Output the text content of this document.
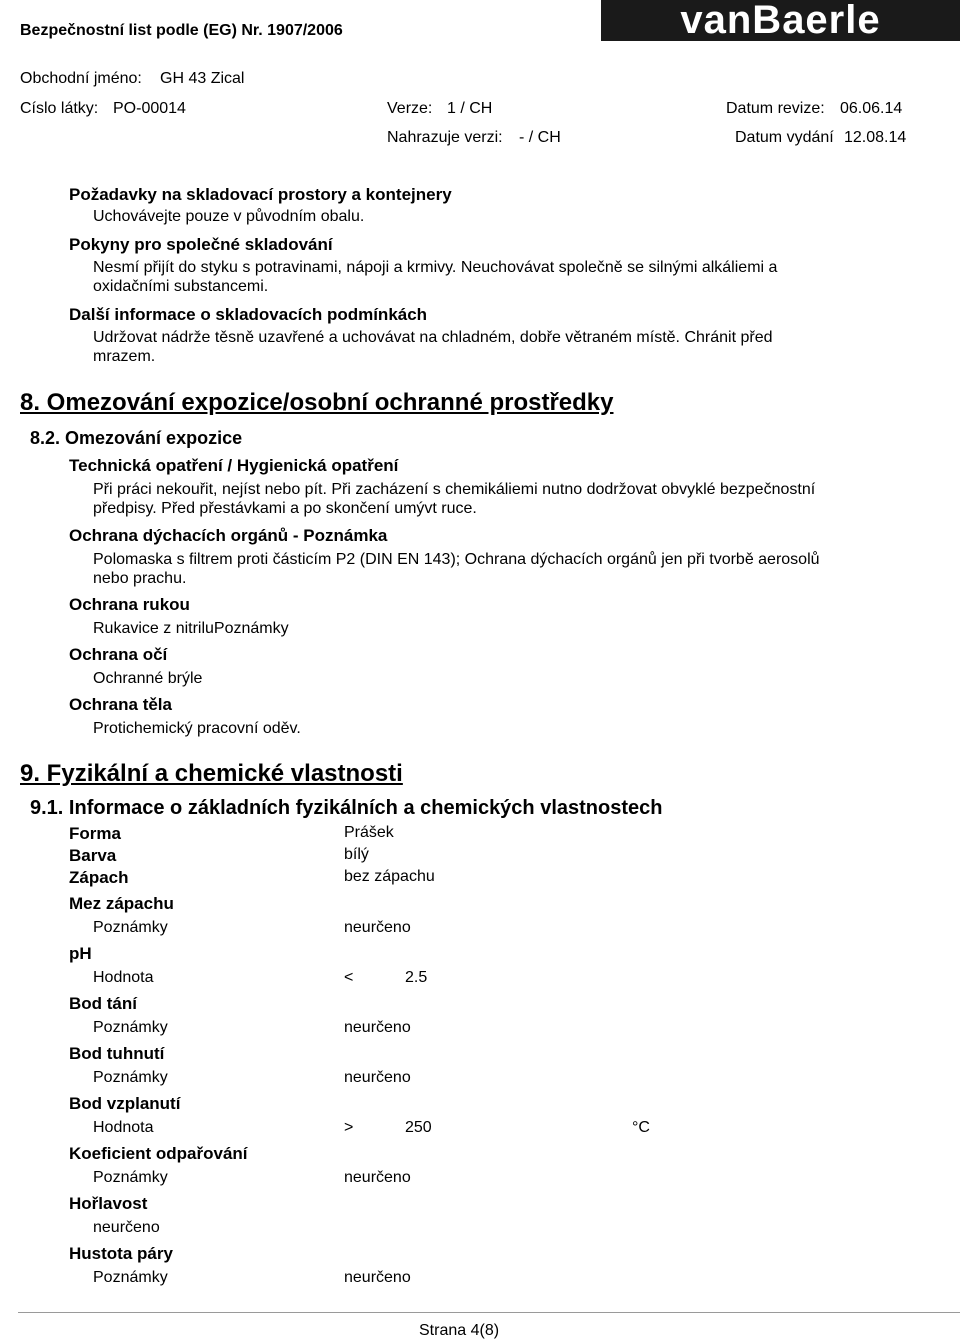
Bezpečnostní list podle (EG) Nr. 1907/2006	vanBaerle
Obchodní jméno: GH 43 Zical
Císlo látky: PO-00014	Verze: 1 / CH	Datum revize: 06.06.14
Nahrazuje verzi: - / CH	Datum vydání 12.08.14
Požadavky na skladovací prostory a kontejnery
Uchovávejte pouze v původním obalu.
Pokyny pro společné skladování
Nesmí přijít do styku s potravinami, nápoji a krmivy. Neuchovávat společně se silnými alkáliemi a
oxidačními substancemi.
Další informace o skladovacích podmínkách
Udržovat nádrže těsně uzavřené a uchovávat na chladném, dobře větraném místě. Chránit před
mrazem.
8. Omezování expozice/osobní ochranné prostředky
8.2. Omezování expozice
Technická opatření / Hygienická opatření
Při práci nekouřit, nejíst nebo pít. Při zacházení s chemikáliemi nutno dodržovat obvyklé bezpečnostní
předpisy. Před přestávkami a po skončení umývt ruce.
Ochrana dýchacích orgánů - Poznámka
Polomaska s filtrem proti částicím P2 (DIN EN 143); Ochrana dýchacích orgánů jen při tvorbě aerosolů
nebo prachu.
Ochrana rukou
Rukavice z nitriluPoznámky
Ochrana očí
Ochranné brýle
Ochrana těla
Protichemický pracovní oděv.
9. Fyzikální a chemické vlastnosti
9.1. Informace o základních fyzikálních a chemických vlastnostech
Forma	Prášek
Barva	bílý
Zápach	bez zápachu
Mez zápachu
Poznámky	neurčeno
pH
Hodnota	<	2.5
Bod tání
Poznámky	neurčeno
Bod tuhnutí
Poznámky	neurčeno
Bod vzplanutí
Hodnota	>	250	°C
Koeficient odpařování
Poznámky	neurčeno
Hořlavost
neurčeno
Hustota páry
Poznámky	neurčeno
Strana 4(8)
